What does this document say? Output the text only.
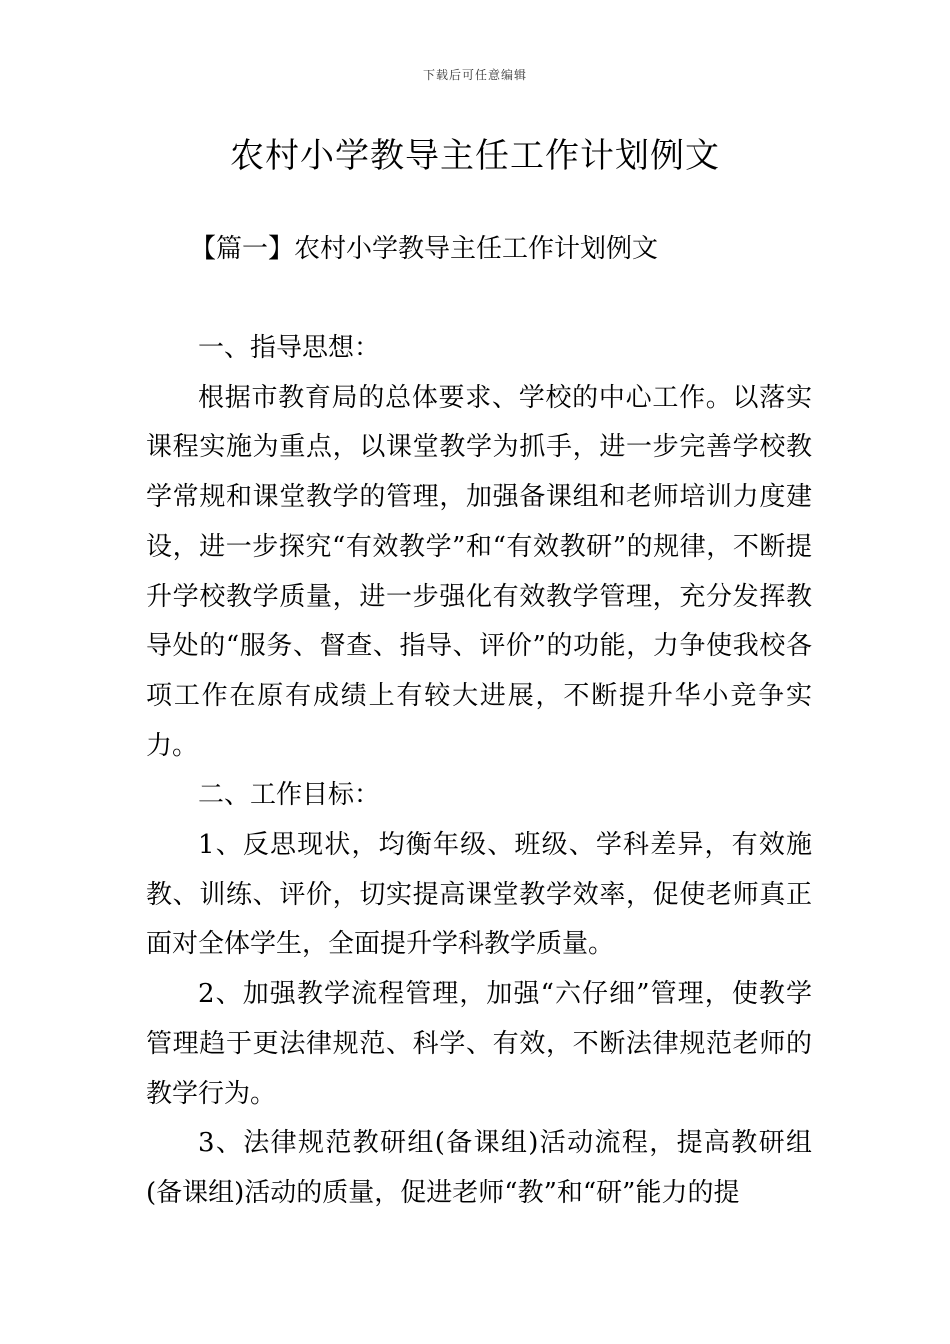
下载后可任意编辑
农村小学教导主任工作计划例文
【篇一】农村小学教导主任工作计划例文

一、指导思想：

根据市教育局的总体要求、学校的中心工作。以落实课程实施为重点，以课堂教学为抓手，进一步完善学校教学常规和课堂教学的管理，加强备课组和老师培训力度建设，进一步探究“有效教学”和“有效教研”的规律，不断提升学校教学质量，进一步强化有效教学管理，充分发挥教导处的“服务、督查、指导、评价”的功能，力争使我校各项工作在原有成绩上有较大进展，不断提升华小竞争实力。

二、工作目标：

1、反思现状，均衡年级、班级、学科差异，有效施教、训练、评价，切实提高课堂教学效率，促使老师真正面对全体学生，全面提升学科教学质量。

2、加强教学流程管理，加强“六仔细”管理，使教学管理趋于更法律规范、科学、有效，不断法律规范老师的教学行为。

3、法律规范教研组(备课组)活动流程，提高教研组(备课组)活动的质量，促进老师“教”和“研”能力的提
